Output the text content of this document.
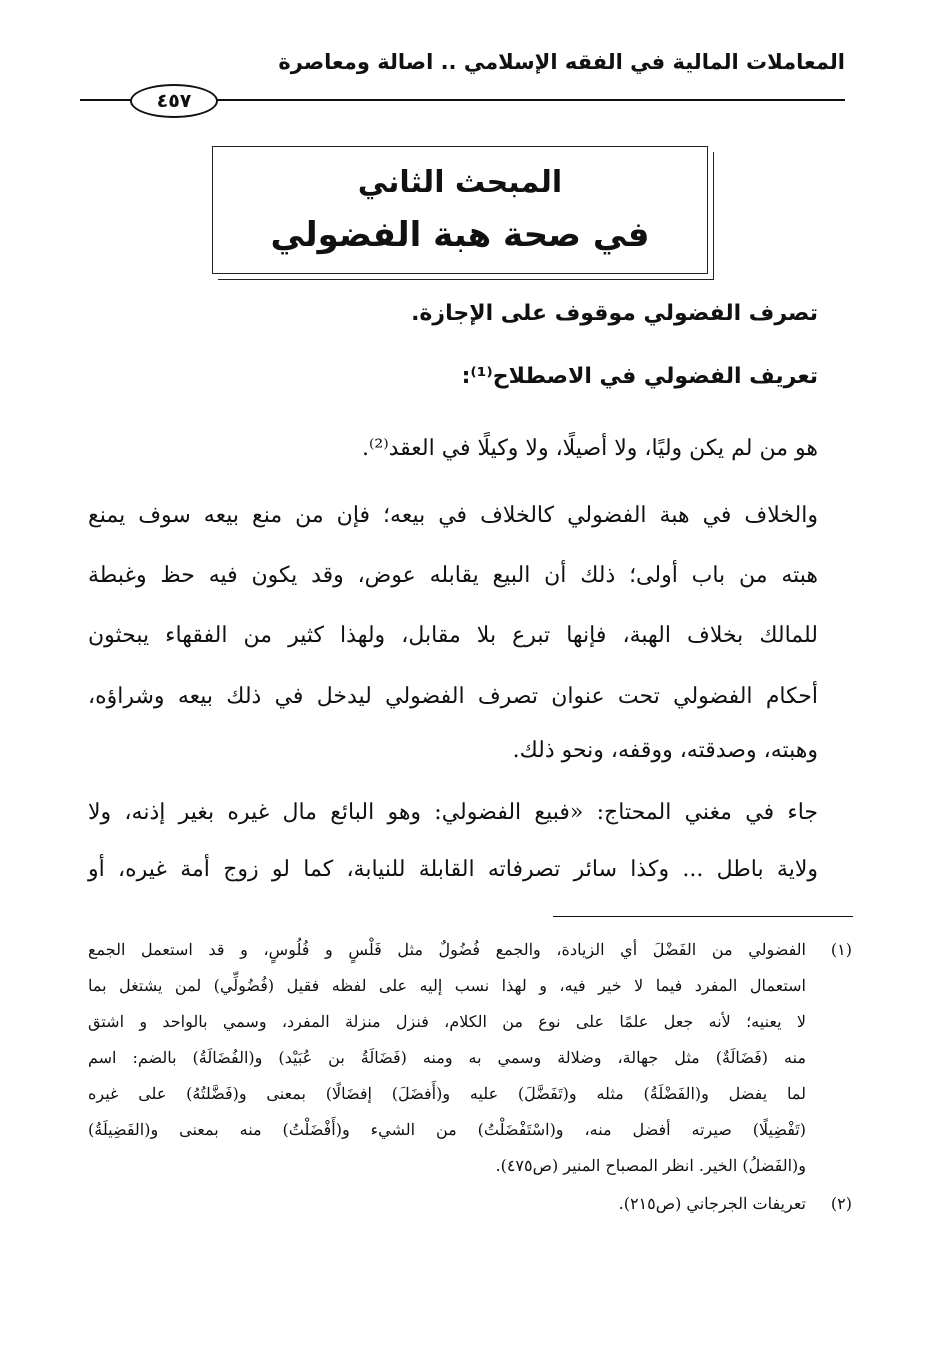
المعاملات المالية في الفقه الإسلامي .. اصالة ومعاصرة
٤٥٧
المبحث الثاني
في صحة هبة الفضولي
تصرف الفضولي موقوف على الإجازة.
تعريف الفضولي في الاصطلاح⁽¹⁾:
هو من لم يكن وليًا، ولا أصيلًا، ولا وكيلًا في العقد⁽²⁾.
والخلاف في هبة الفضولي كالخلاف في بيعه؛ فإن من منع بيعه سوف يمنع
هبته من باب أولى؛ ذلك أن البيع يقابله عوض، وقد يكون فيه حظ وغبطة
للمالك بخلاف الهبة، فإنها تبرع بلا مقابل، ولهذا كثير من الفقهاء يبحثون
أحكام الفضولي تحت عنوان تصرف الفضولي ليدخل في ذلك بيعه وشراؤه،
وهبته، وصدقته، ووقفه، ونحو ذلك.
جاء في مغني المحتاج: «فبيع الفضولي: وهو البائع مال غيره بغير إذنه، ولا
ولاية باطل ... وكذا سائر تصرفاته القابلة للنيابة، كما لو زوج أمة غيره، أو
(١)
الفضولي من الفَضْلَ أي الزيادة، والجمع فُضُولٌ مثل فَلْسٍ و فُلُوسٍ، و قد استعمل الجمع
استعمال المفرد فيما لا خير فيه، و لهذا نسب إليه على لفظه فقيل (فُضُولِّي) لمن يشتغل بما
لا يعنيه؛ لأنه جعل علمًا على نوع من الكلام، فنزل منزلة المفرد، وسمي بالواحد و اشتق
منه (فَضَالَةٌ) مثل جهالة، وضلالة وسمي به ومنه (فَضَالَةُ بن عُبَيْد) و(الفُضَالَةُ) بالضم: اسم
لما يفضل و(الفَضْلَةُ) مثله و(تَفَضَّلَ) عليه و(أَفضَلَ) إفضَالًا) بمعنى و(فَضَّلتُهُ) على غيره
(تَفْضِيلًا) صيرته أفضل منه، و(اسْتَفْضَلْتُ) من الشيء و(أَفْضَلْتُ) منه بمعنى و(الفَضِيلَةُ)
و(الفَضلُ) الخير. انظر المصباح المنير (ص٤٧٥).
(٢)
تعريفات الجرجاني (ص٢١٥).
